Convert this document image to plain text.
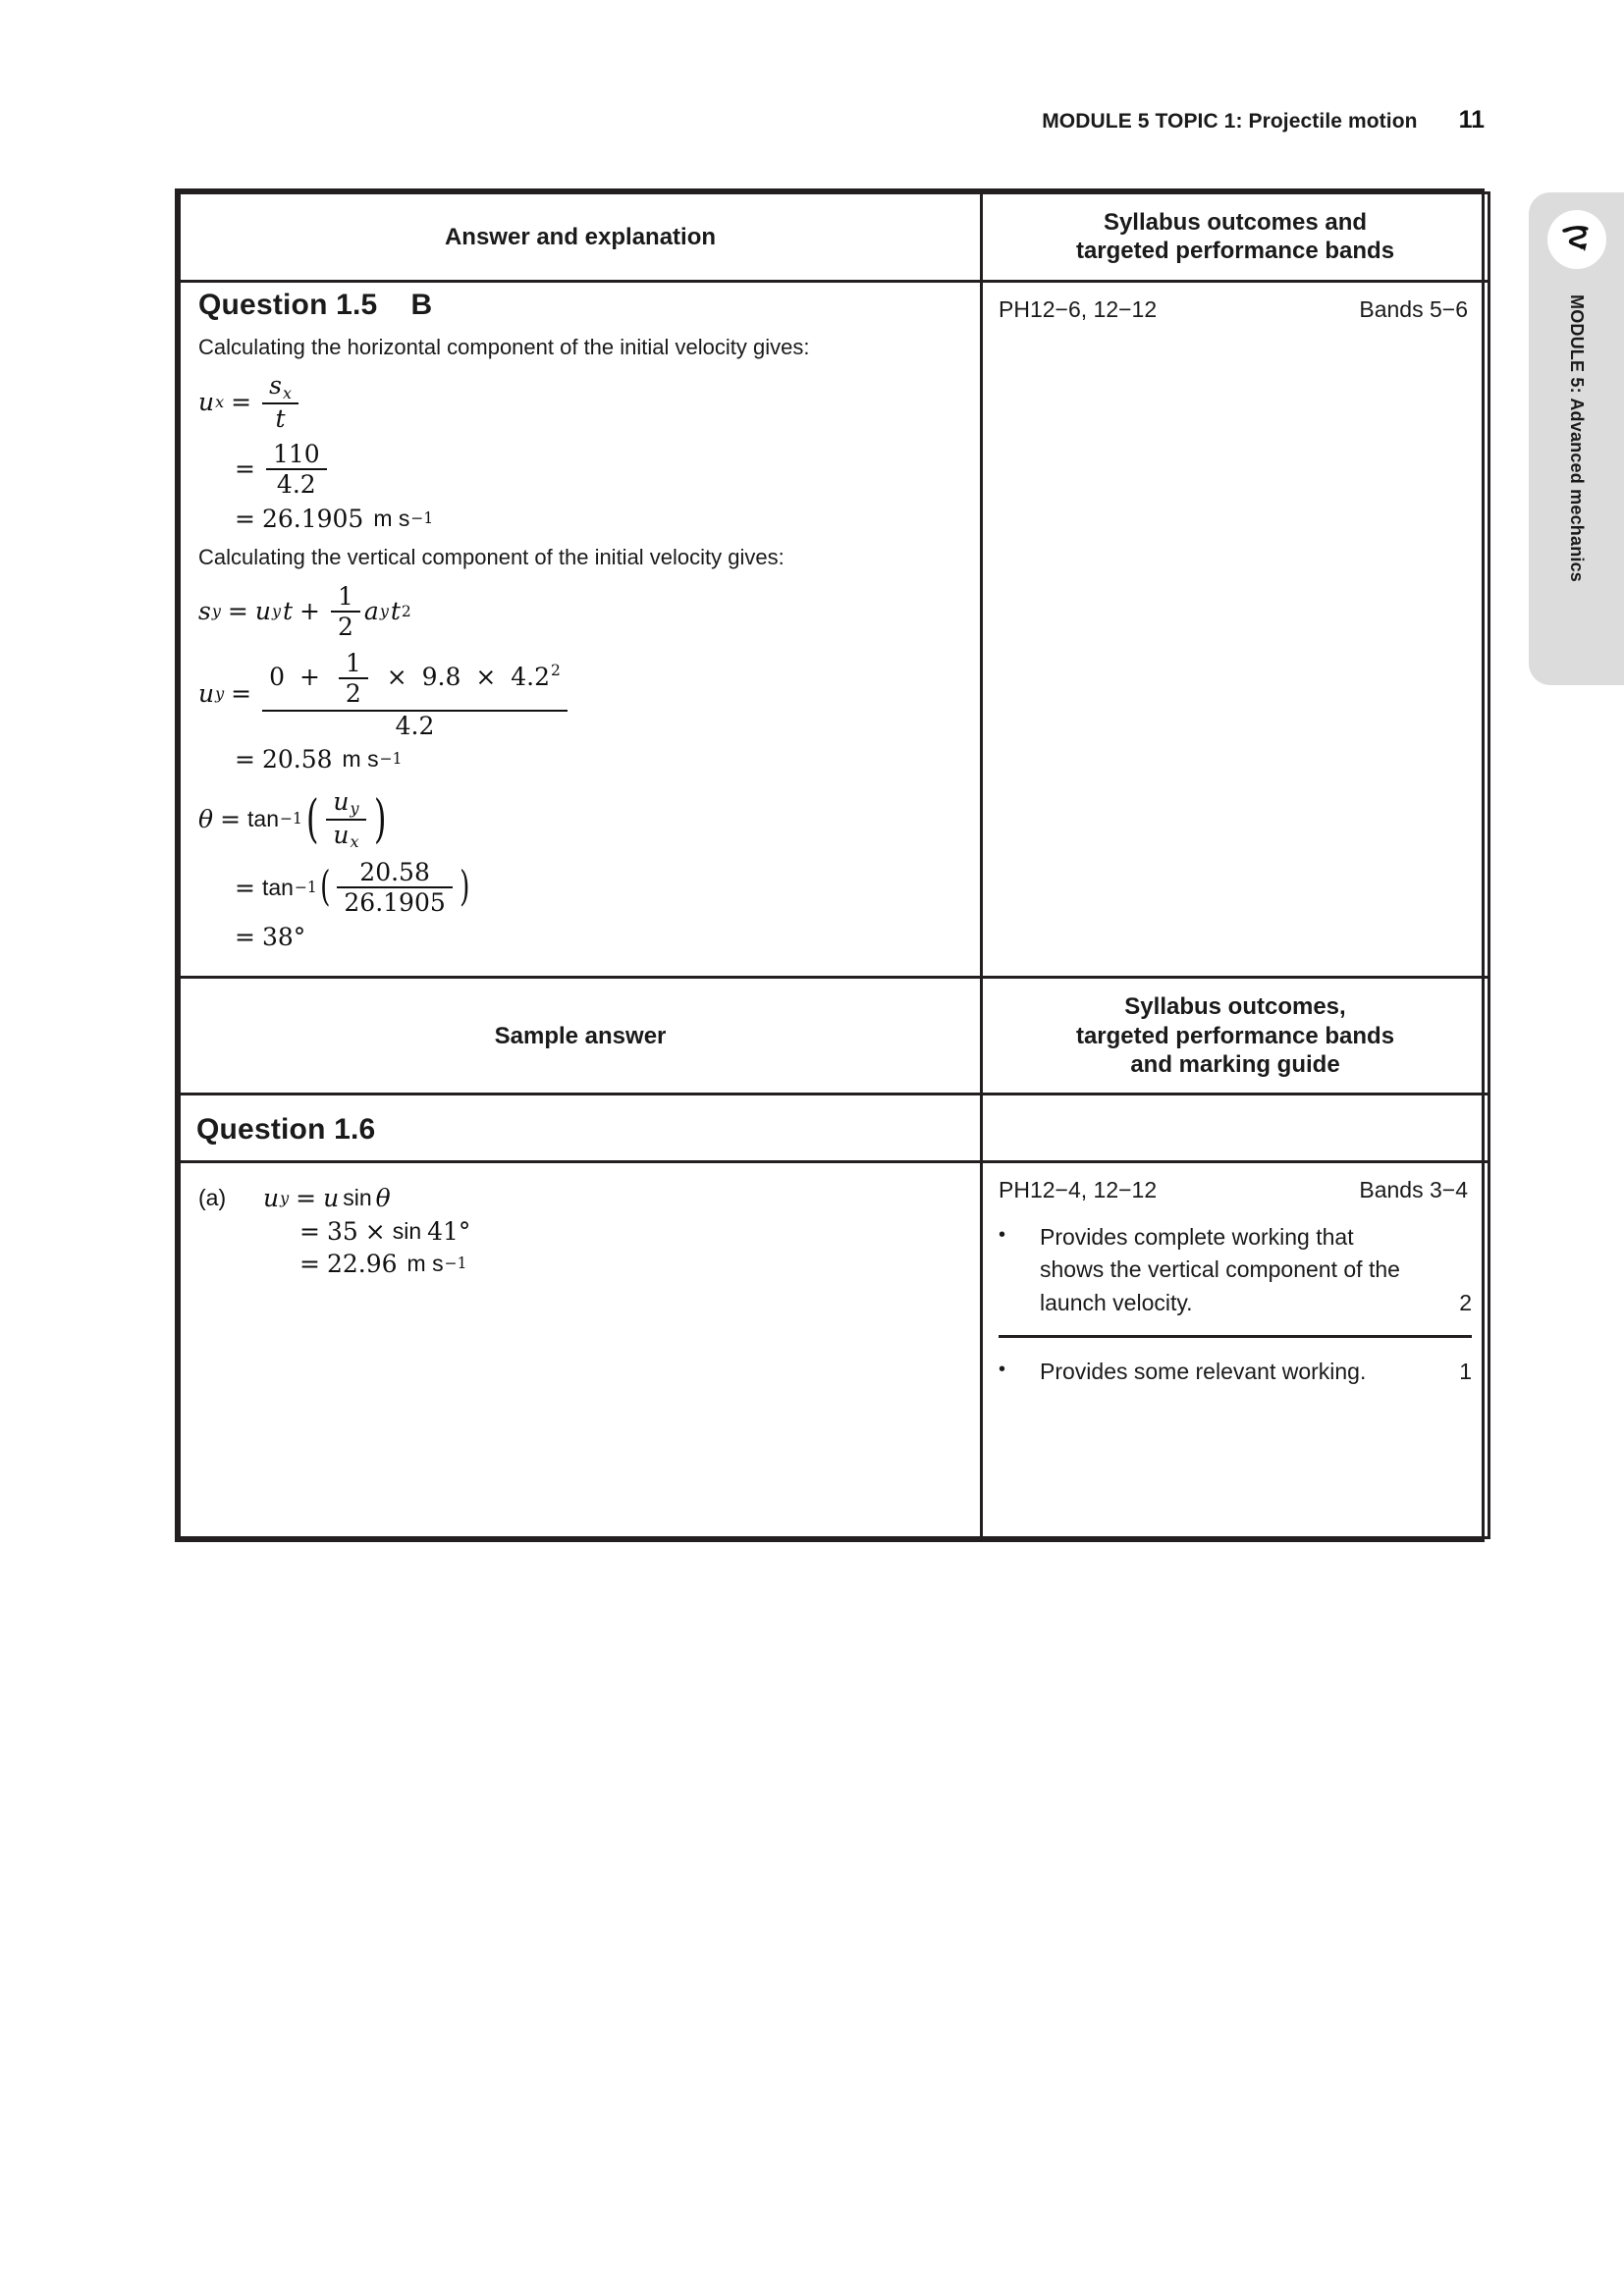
MODULE 5 TOPIC 1: Projectile motion 11
MODULE 5: Advanced mechanics
Answer and explanation	Syllabus outcomes and
targeted performance bands

Question 1.5 B

Calculating the horizontal component of the initial velocity gives:

u $x = \frac{s_x}{t}$
= $\frac{110}{4.2}$
= 26.1905 m s −1

Calculating the vertical component of the initial velocity gives:

s y = u y $t + \frac{1}{2}$ a y t 2
u y =
$0 + \frac{1}{2} \times 9.8 \times 4.2^2$
4.2
= 20.58 m s −1
θ = tan −1 ( $\frac{u_y}{u_x}$ )
= tan −1 ( $\frac{20.58}{26.1905}$ )
= 38°

PH12−6, 12−12	Bands 5−6

Sample answer	Syllabus outcomes,
targeted performance bands
and marking guide

Question 1.6	

(a)	u y = u sin θ
= 35 × sin 41°
= 22.96 m s −1

PH12−4, 12−12	Bands 3−4
•	Provides complete working that shows the vertical component of the launch velocity.	2
•	Provides some relevant working.	1
